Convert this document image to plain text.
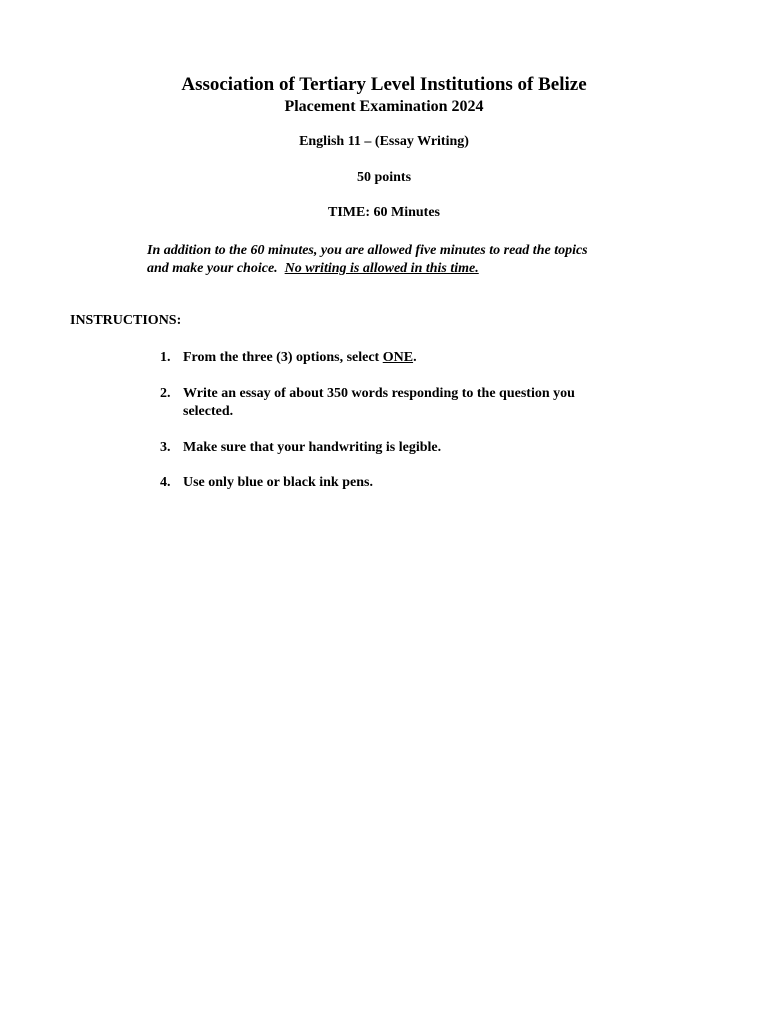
Association of Tertiary Level Institutions of Belize
Placement Examination 2024
English 11 – (Essay Writing)
50 points
TIME: 60 Minutes
In addition to the 60 minutes, you are allowed five minutes to read the topics
and make your choice.  No writing is allowed in this time.
INSTRUCTIONS:
1. From the three (3) options, select ONE.
2. Write an essay of about 350 words responding to the question you
selected.
3. Make sure that your handwriting is legible.
4. Use only blue or black ink pens.
